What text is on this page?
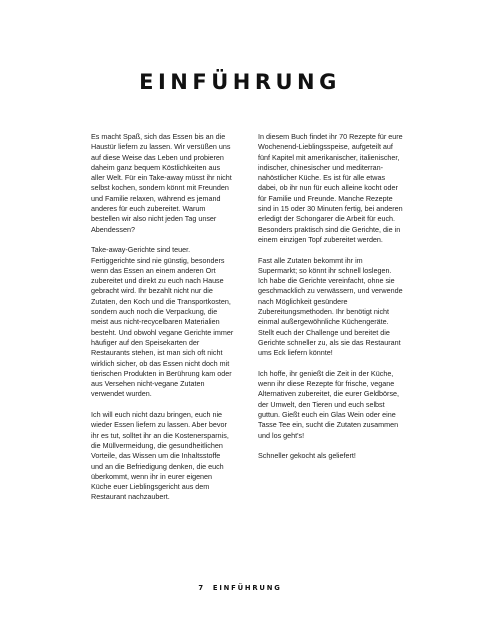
EINFÜHRUNG

Es macht Spaß, sich das Essen bis an die Haustür liefern zu lassen. Wir versüßen uns auf diese Weise das Leben und probieren daheim ganz bequem Köstlichkeiten aus aller Welt. Für ein Take-away müsst ihr nicht selbst kochen, sondern könnt mit Freunden und Familie relaxen, während es jemand anderes für euch zubereitet. Warum bestellen wir also nicht jeden Tag unser Abendessen?

Take-away-Gerichte sind teuer. Fertiggerichte sind nie günstig, besonders wenn das Essen an einem anderen Ort zubereitet und direkt zu euch nach Hause gebracht wird. Ihr bezahlt nicht nur die Zutaten, den Koch und die Transportkosten, sondern auch noch die Verpackung, die meist aus nicht-recycelbaren Materialien besteht. Und obwohl vegane Gerichte immer häufiger auf den Speisekarten der Restaurants stehen, ist man sich oft nicht wirklich sicher, ob das Essen nicht doch mit tierischen Produkten in Berührung kam oder aus Versehen nicht-vegane Zutaten verwendet wurden.

Ich will euch nicht dazu bringen, euch nie wieder Essen liefern zu lassen. Aber bevor ihr es tut, solltet ihr an die Kostenersparnis, die Müllvermeidung, die gesundheitlichen Vorteile, das Wissen um die Inhaltsstoffe und an die Befriedigung denken, die euch überkommt, wenn ihr in eurer eigenen Küche euer Lieblingsgericht aus dem Restaurant nachzaubert.

In diesem Buch findet ihr 70 Rezepte für eure Wochenend-Lieblingsspeise, aufgeteilt auf fünf Kapitel mit amerikanischer, italienischer, indischer, chinesischer und mediterran-nahöstlicher Küche. Es ist für alle etwas dabei, ob ihr nun für euch alleine kocht oder für Familie und Freunde. Manche Rezepte sind in 15 oder 30 Minuten fertig, bei anderen erledigt der Schongarer die Arbeit für euch. Besonders praktisch sind die Gerichte, die in einem einzigen Topf zubereitet werden.

Fast alle Zutaten bekommt ihr im Supermarkt; so könnt ihr schnell loslegen. Ich habe die Gerichte vereinfacht, ohne sie geschmacklich zu verwässern, und verwende nach Möglichkeit gesündere Zubereitungsmethoden. Ihr benötigt nicht einmal außergewöhnliche Küchengeräte. Stellt euch der Challenge und bereitet die Gerichte schneller zu, als sie das Restaurant ums Eck liefern könnte!

Ich hoffe, ihr genießt die Zeit in der Küche, wenn ihr diese Rezepte für frische, vegane Alternativen zubereitet, die eurer Geldbörse, der Umwelt, den Tieren und euch selbst guttun. Gießt euch ein Glas Wein oder eine Tasse Tee ein, sucht die Zutaten zusammen und los geht's!

Schneller gekocht als geliefert!

7 EINFÜHRUNG
